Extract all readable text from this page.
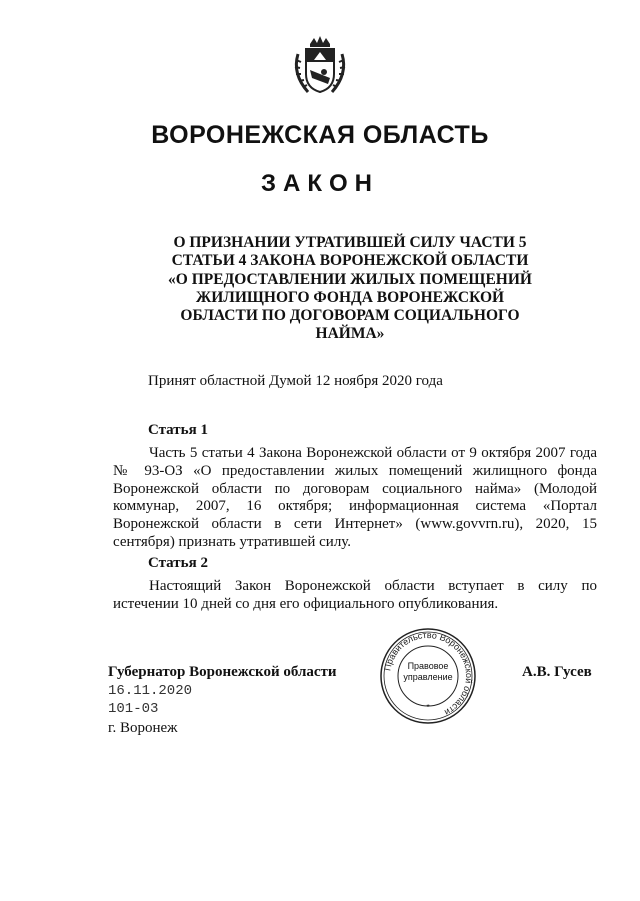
ВОРОНЕЖСКАЯ ОБЛАСТЬ
ЗАКОН
О ПРИЗНАНИИ УТРАТИВШЕЙ СИЛУ ЧАСТИ 5 СТАТЬИ 4 ЗАКОНА ВОРОНЕЖСКОЙ ОБЛАСТИ «О ПРЕДОСТАВЛЕНИИ ЖИЛЫХ ПОМЕЩЕНИЙ ЖИЛИЩНОГО ФОНДА ВОРОНЕЖСКОЙ ОБЛАСТИ ПО ДОГОВОРАМ СОЦИАЛЬНОГО НАЙМА»
Принят областной Думой 12 ноября 2020 года
Статья 1

Часть 5 статьи 4 Закона Воронежской области от 9 октября 2007 года № 93-ОЗ «О предоставлении жилых помещений жилищного фонда Воронежской области по договорам социального найма» (Молодой коммунар, 2007, 16 октября; информационная система «Портал Воронежской области в сети Интернет» (www.govvrn.ru), 2020, 15 сентября) признать утратившей силу.

Статья 2

Настоящий Закон Воронежской области вступает в силу по истечении 10 дней со дня его официального опубликования.

Губернатор Воронежской области	А.В. Гусев
16.11.2020
101-03
г. Воронеж
Правительство Воронежской области
*
Правовое
управление
